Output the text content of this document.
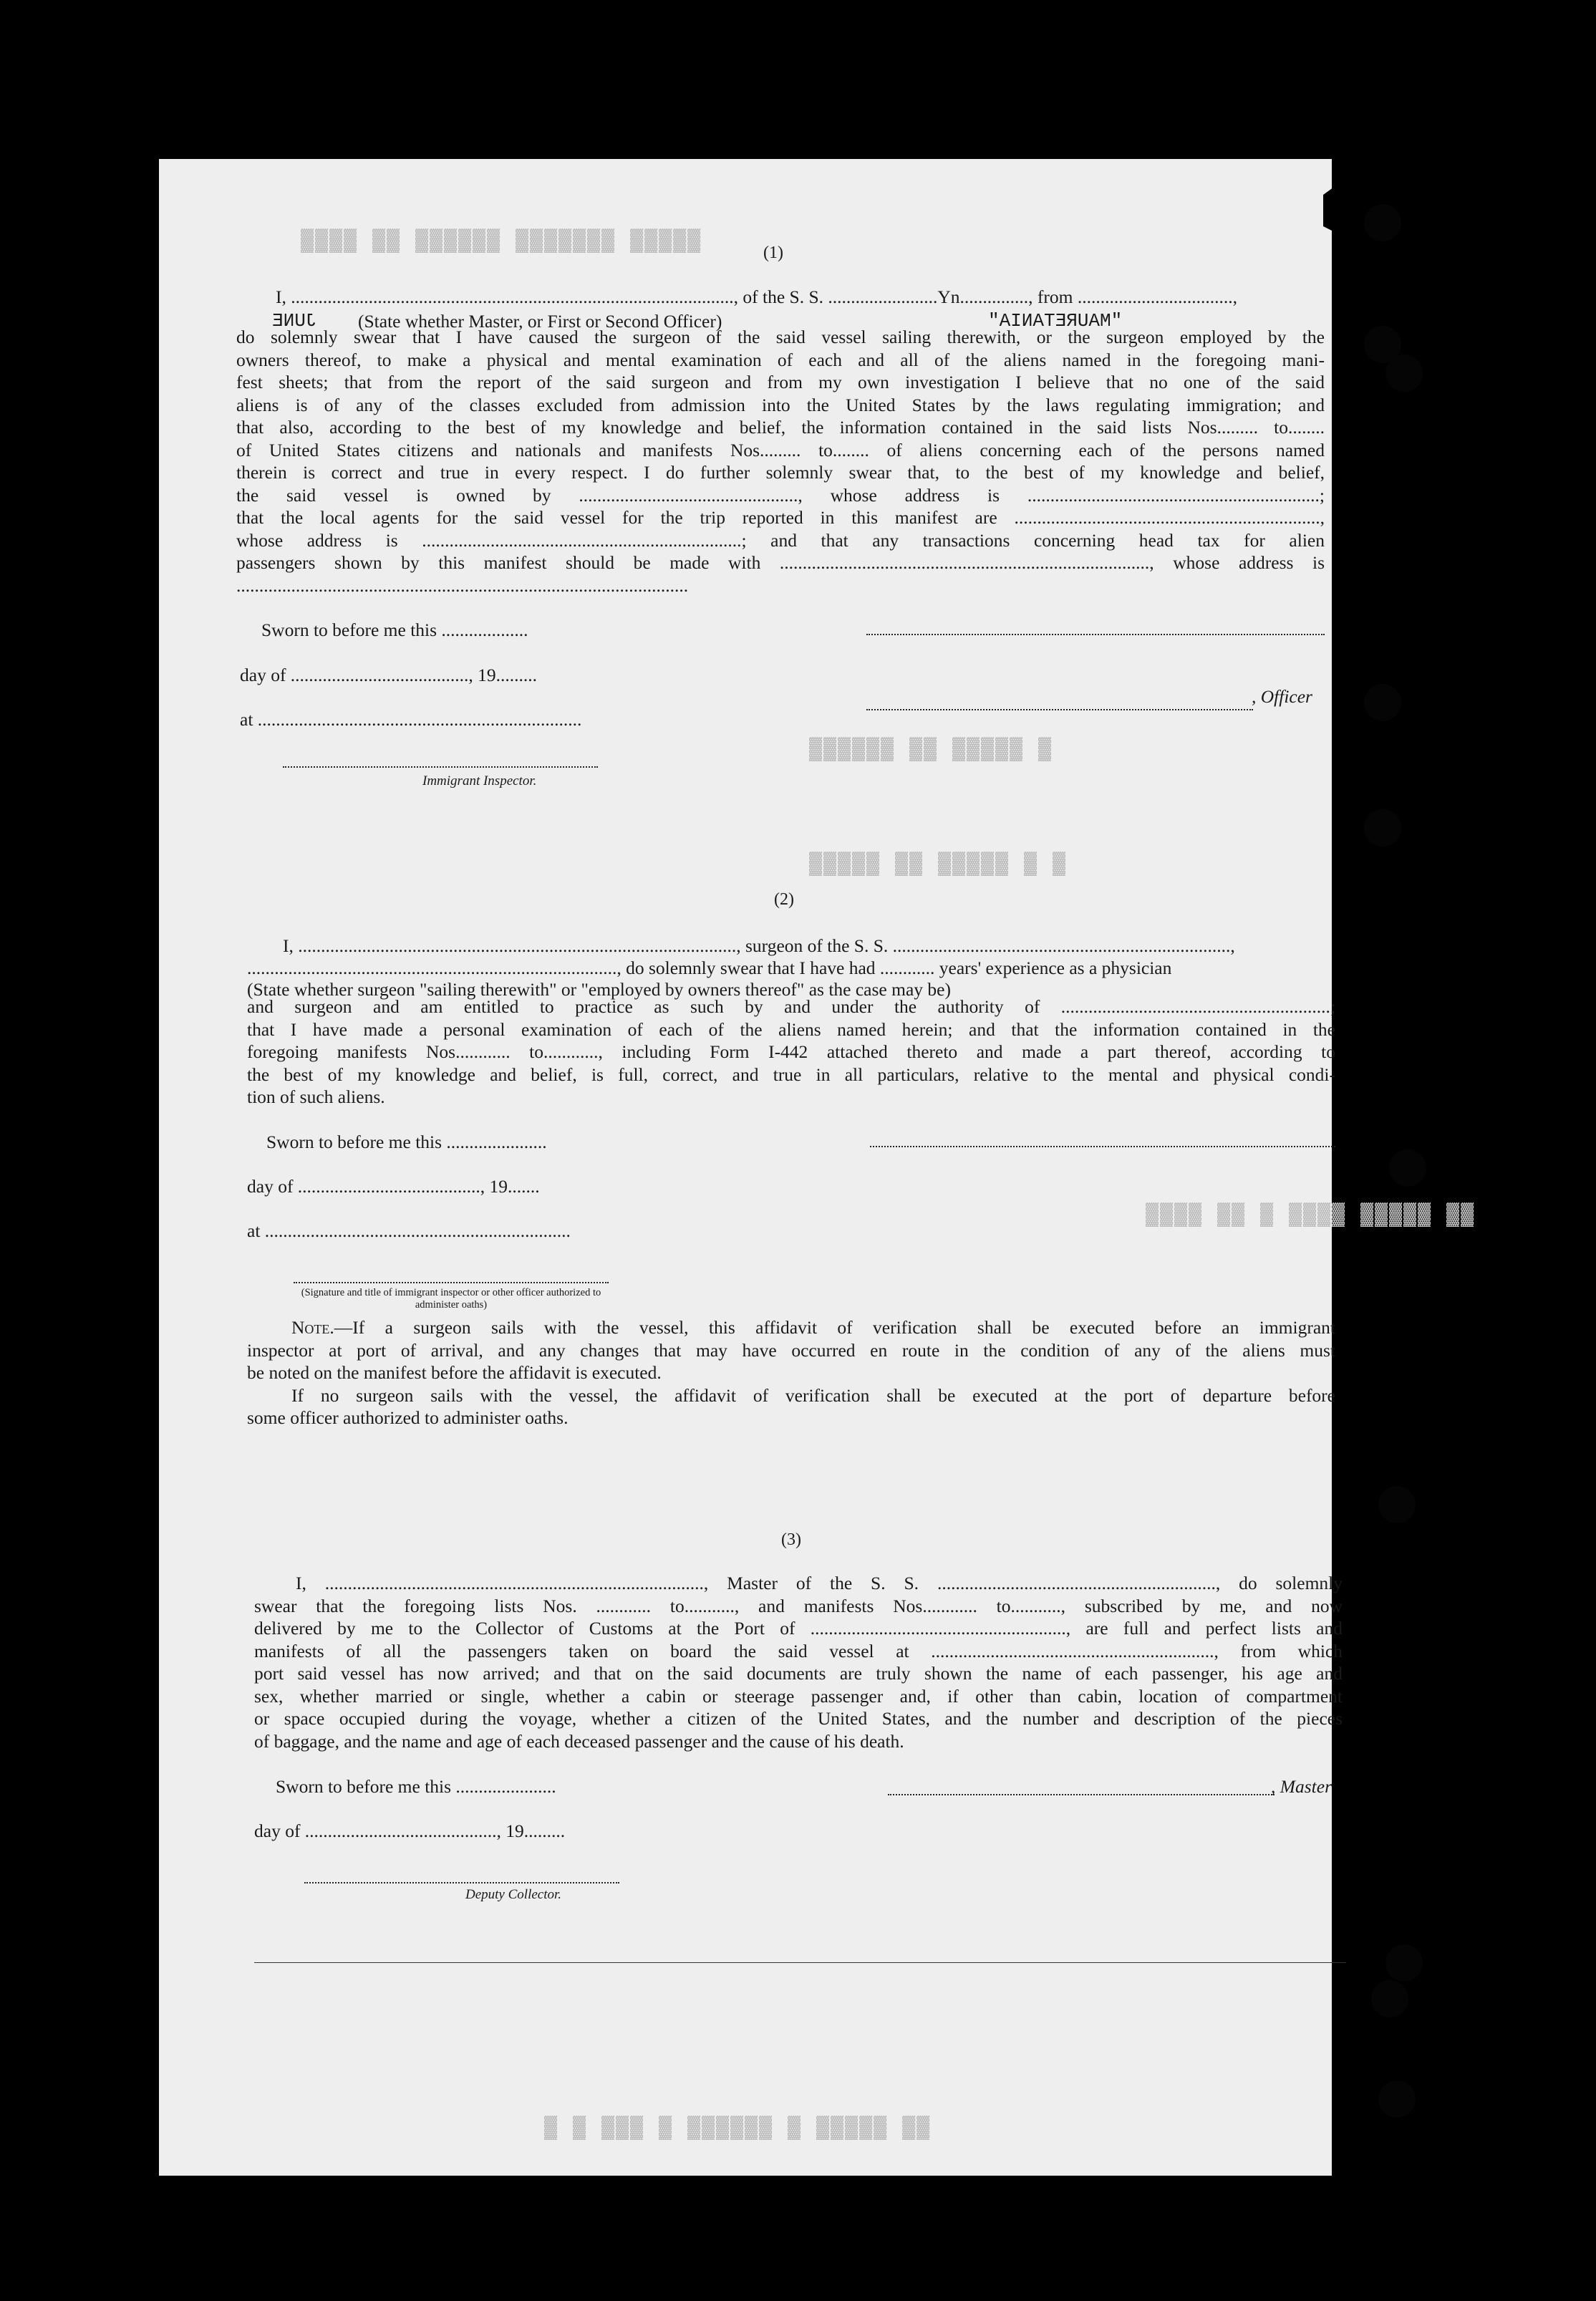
▓▓▓▓ ▓▓ ▓▓▓▓▓▓ ▓▓▓▓▓▓▓ ▓▓▓▓▓
▓▓▓▓▓▓ ▓▓ ▓▓▓▓▓ ▓
▓▓▓▓▓ ▓▓ ▓▓▓▓▓ ▓ ▓
▓▓▓▓ ▓▓ ▓ ▓▓▓▓ ▓▓▓▓▓ ▓▓
▓ ▓ ▓▓▓ ▓ ▓▓▓▓▓▓ ▓ ▓▓▓▓▓ ▓▓
(1)
I, ................................................................................................., of the S. S. ........................Yn..............., from ..................................,
(State whether Master, or First or Second Officer)
JUNE	"MAURETANIA"
do solemnly swear that I have caused the surgeon of the said vessel sailing therewith, or the surgeon employed by the
owners thereof, to make a physical and mental examination of each and all of the aliens named in the foregoing mani-
fest sheets; that from the report of the said surgeon and from my own investigation I believe that no one of the said
aliens is of any of the classes excluded from admission into the United States by the laws regulating immigration; and
that also, according to the best of my knowledge and belief, the information contained in the said lists Nos......... to........
of United States citizens and nationals and manifests Nos......... to........ of aliens concerning each of the persons named
therein is correct and true in every respect. I do further solemnly swear that, to the best of my knowledge and belief,
the said vessel is owned by ................................................, whose address is ................................................................;
that the local agents for the said vessel for the trip reported in this manifest are ...................................................................,
whose address is ......................................................................; and that any transactions concerning head tax for alien
passengers shown by this manifest should be made with ................................................................................., whose address is
...................................................................................................
Sworn to before me this ...................
day of ......................................., 19.........
at .......................................................................
Immigrant Inspector.
, Officer
(2)
I, ................................................................................................, surgeon of the S. S. ..........................................................................,
................................................................................., do solemnly swear that I have had ............ years' experience as a physician
(State whether surgeon "sailing therewith" or "employed by owners thereof" as the case may be)
and surgeon and am entitled to practice as such by and under the authority of ...........................................................;
that I have made a personal examination of each of the aliens named herein; and that the information contained in the
foregoing manifests Nos............ to............, including Form I-442 attached thereto and made a part thereof, according to
the best of my knowledge and belief, is full, correct, and true in all particulars, relative to the mental and physical condi-
tion of such aliens.
Sworn to before me this ......................
day of ........................................, 19.......
at ...................................................................
(Signature and title of immigrant inspector or other officer authorized to administer oaths)
Note.—If a surgeon sails with the vessel, this affidavit of verification shall be executed before an immigrant
inspector at port of arrival, and any changes that may have occurred en route in the condition of any of the aliens must
be noted on the manifest before the affidavit is executed.
If no surgeon sails with the vessel, the affidavit of verification shall be executed at the port of departure before
some officer authorized to administer oaths.
(3)
I, ..................................................................................., Master of the S. S. ............................................................., do solemnly
swear that the foregoing lists Nos. ............ to..........., and manifests Nos............ to..........., subscribed by me, and now
delivered by me to the Collector of Customs at the Port of ........................................................, are full and perfect lists and
manifests of all the passengers taken on board the said vessel at .............................................................., from which
port said vessel has now arrived; and that on the said documents are truly shown the name of each passenger, his age and
sex, whether married or single, whether a cabin or steerage passenger and, if other than cabin, location of compartment
or space occupied during the voyage, whether a citizen of the United States, and the number and description of the pieces
of baggage, and the name and age of each deceased passenger and the cause of his death.
Sworn to before me this ......................
day of .........................................., 19.........
Deputy Collector.
, Master
